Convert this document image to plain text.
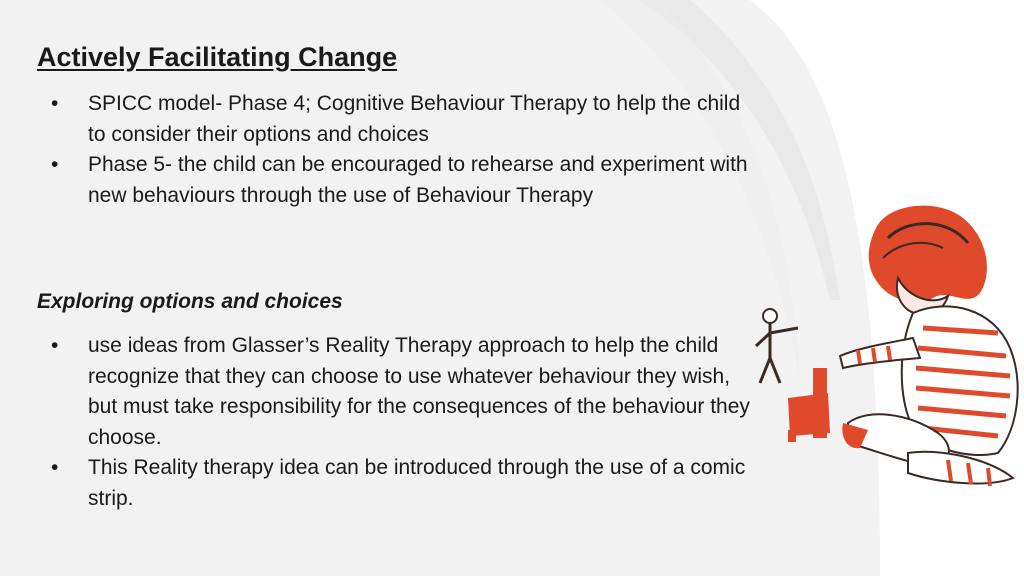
Actively Facilitating Change
• SPICC model- Phase 4; Cognitive Behaviour Therapy to help the child to consider their options and choices
• Phase 5- the child can be encouraged to rehearse and experiment with new behaviours through the use of Behaviour Therapy
Exploring options and choices
• use ideas from Glasser’s Reality Therapy approach to help the child recognize that they can choose to use whatever behaviour they wish, but must take responsibility for the consequences of the behaviour they choose.
• This Reality therapy idea can be introduced through the use of a comic strip.
